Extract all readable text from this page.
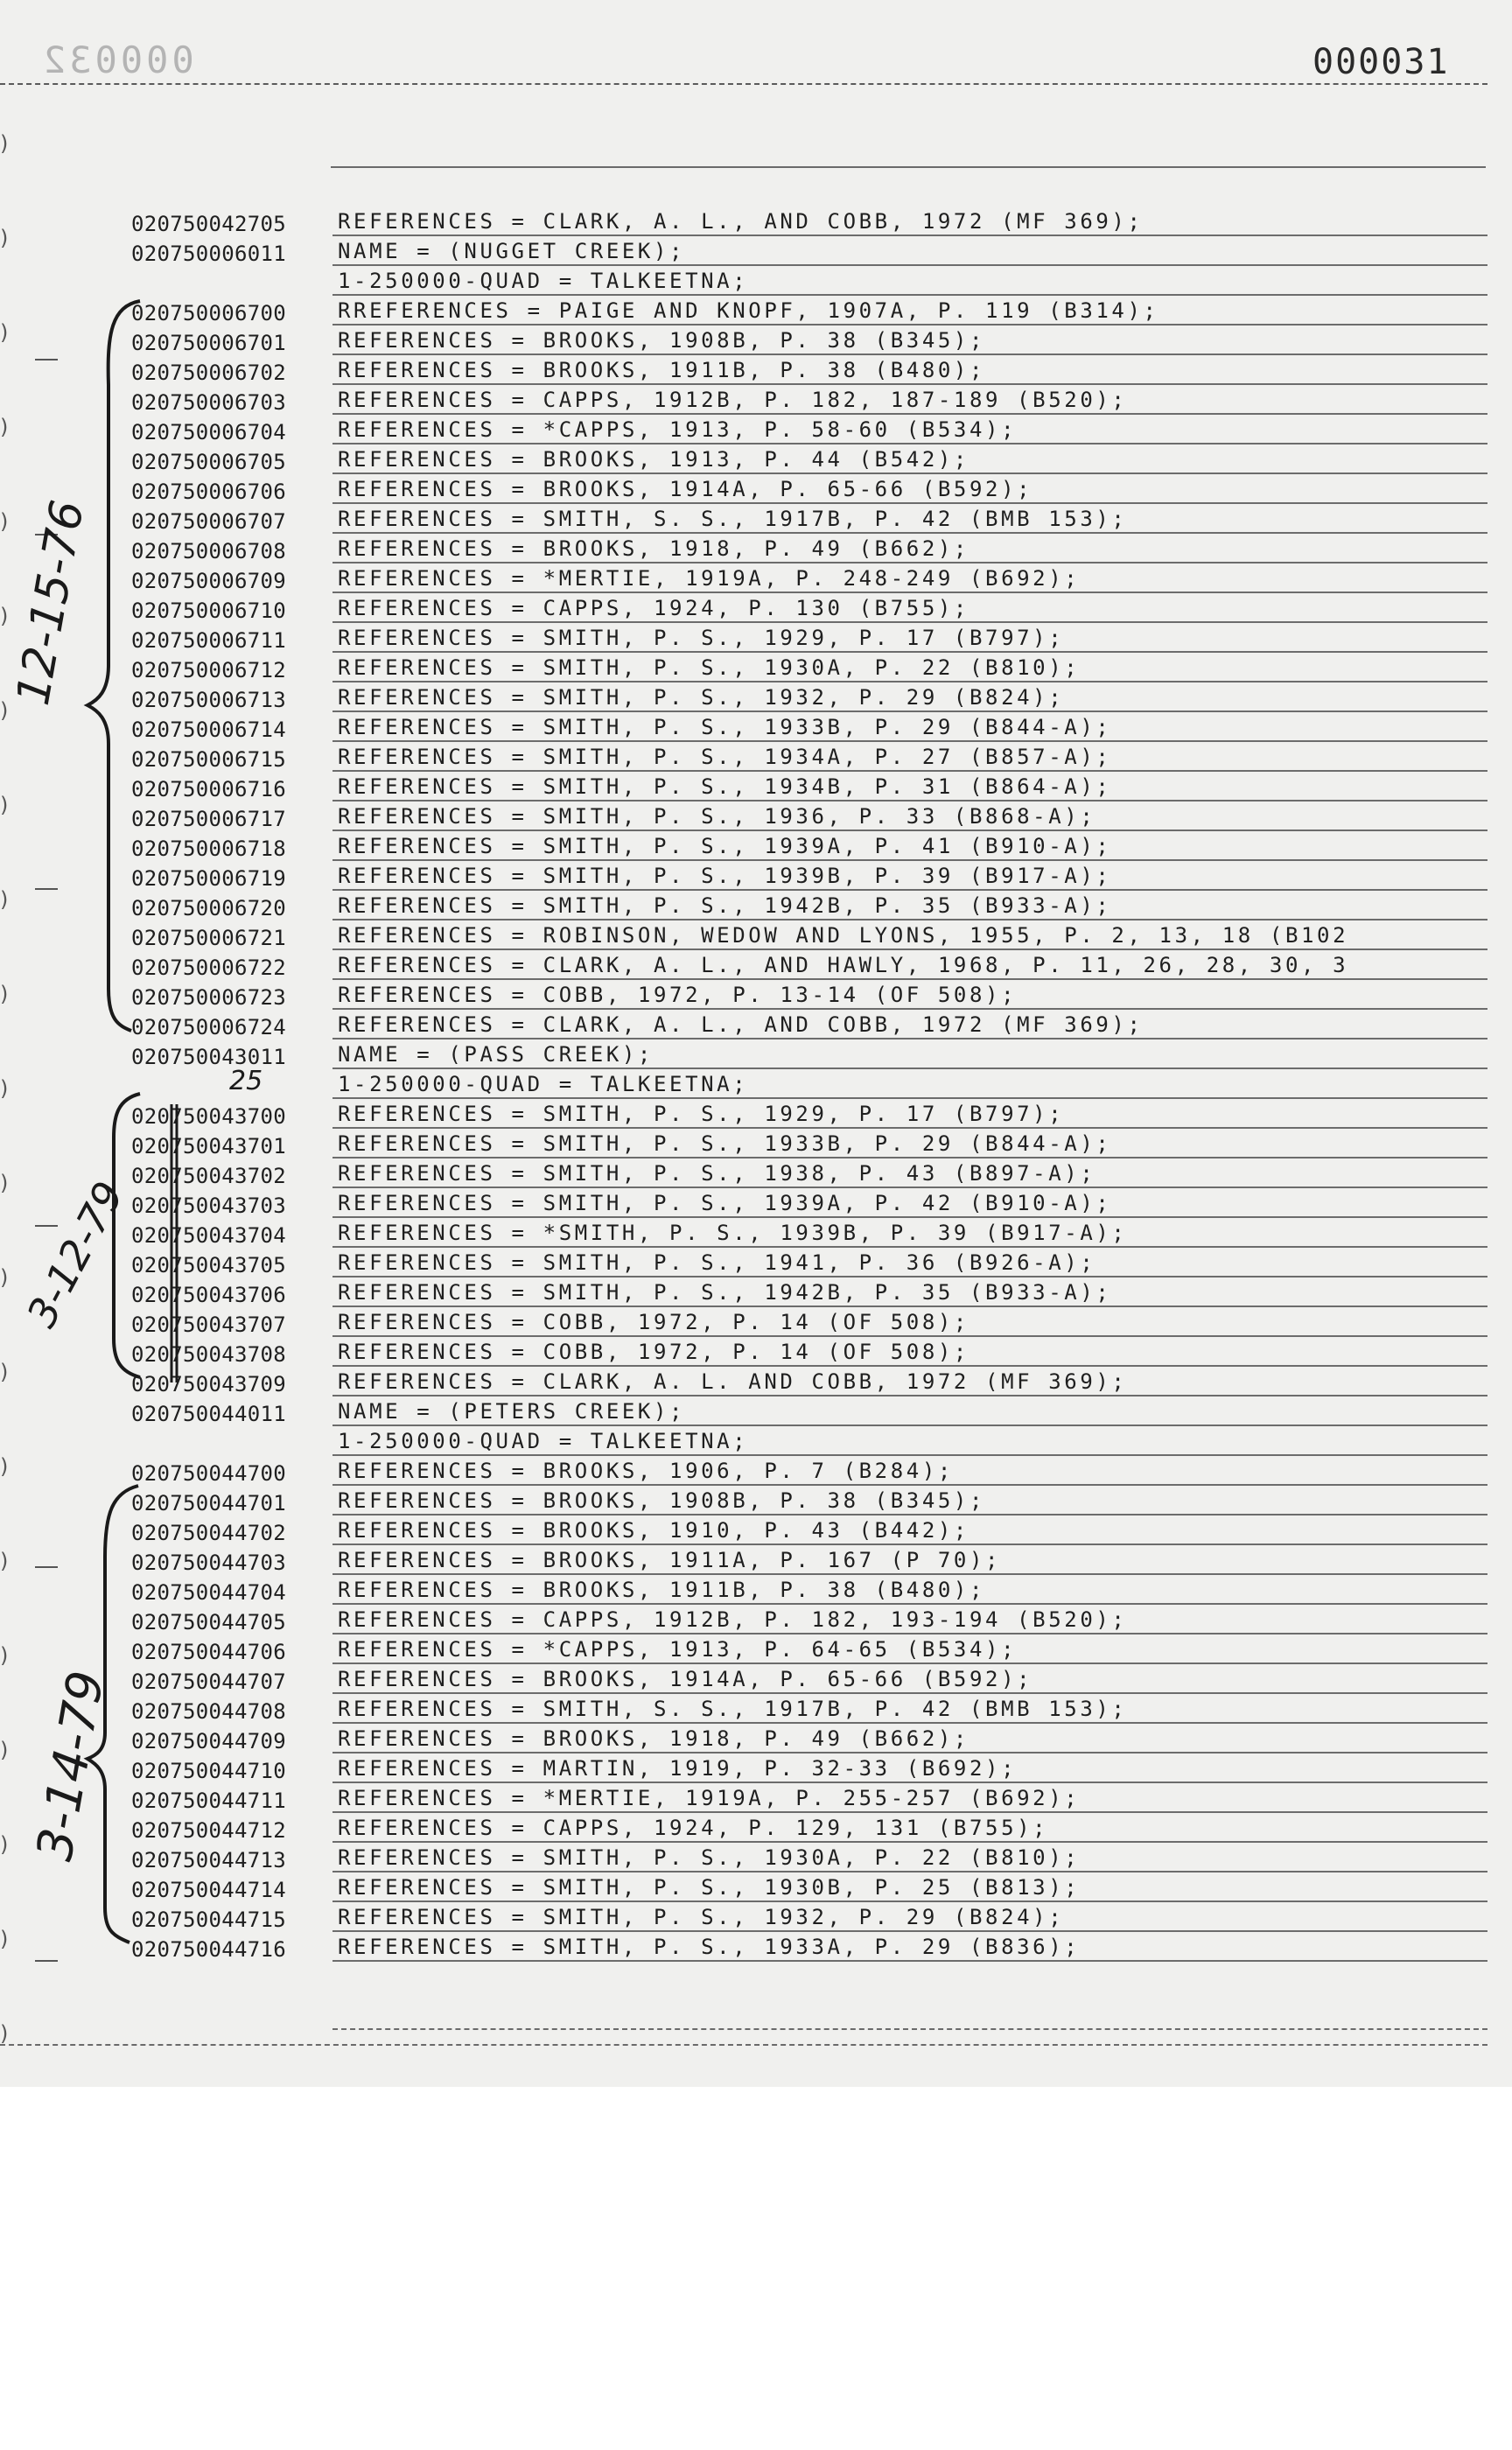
000032	000031
)
)
)
)
)
)
)
)
)
)
)
)
)
)
)
)
)
)
)
)
)
020750042705	REFERENCES = CLARK, A. L., AND COBB, 1972 (MF 369);
020750006011	NAME = (NUGGET CREEK);
1-250000-QUAD = TALKEETNA;
020750006700	RREFERENCES = PAIGE AND KNOPF, 1907A, P. 119 (B314);
020750006701	REFERENCES = BROOKS, 1908B, P. 38 (B345);
020750006702	REFERENCES = BROOKS, 1911B, P. 38 (B480);
020750006703	REFERENCES = CAPPS, 1912B, P. 182, 187-189 (B520);
020750006704	REFERENCES = *CAPPS, 1913, P. 58-60 (B534);
020750006705	REFERENCES = BROOKS, 1913, P. 44 (B542);
020750006706	REFERENCES = BROOKS, 1914A, P. 65-66 (B592);
020750006707	REFERENCES = SMITH, S. S., 1917B, P. 42 (BMB 153);
020750006708	REFERENCES = BROOKS, 1918, P. 49 (B662);
020750006709	REFERENCES = *MERTIE, 1919A, P. 248-249 (B692);
020750006710	REFERENCES = CAPPS, 1924, P. 130 (B755);
020750006711	REFERENCES = SMITH, P. S., 1929, P. 17 (B797);
020750006712	REFERENCES = SMITH, P. S., 1930A, P. 22 (B810);
020750006713	REFERENCES = SMITH, P. S., 1932, P. 29 (B824);
020750006714	REFERENCES = SMITH, P. S., 1933B, P. 29 (B844-A);
020750006715	REFERENCES = SMITH, P. S., 1934A, P. 27 (B857-A);
020750006716	REFERENCES = SMITH, P. S., 1934B, P. 31 (B864-A);
020750006717	REFERENCES = SMITH, P. S., 1936, P. 33 (B868-A);
020750006718	REFERENCES = SMITH, P. S., 1939A, P. 41 (B910-A);
020750006719	REFERENCES = SMITH, P. S., 1939B, P. 39 (B917-A);
020750006720	REFERENCES = SMITH, P. S., 1942B, P. 35 (B933-A);
020750006721	REFERENCES = ROBINSON, WEDOW AND LYONS, 1955, P. 2, 13, 18 (B102
020750006722	REFERENCES = CLARK, A. L., AND HAWLY, 1968, P. 11, 26, 28, 30, 3
020750006723	REFERENCES = COBB, 1972, P. 13-14 (OF 508);
020750006724	REFERENCES = CLARK, A. L., AND COBB, 1972 (MF 369);
020750043011	NAME = (PASS CREEK);
1-250000-QUAD = TALKEETNA;
020750043700	REFERENCES = SMITH, P. S., 1929, P. 17 (B797);
020750043701	REFERENCES = SMITH, P. S., 1933B, P. 29 (B844-A);
020750043702	REFERENCES = SMITH, P. S., 1938, P. 43 (B897-A);
020750043703	REFERENCES = SMITH, P. S., 1939A, P. 42 (B910-A);
020750043704	REFERENCES = *SMITH, P. S., 1939B, P. 39 (B917-A);
020750043705	REFERENCES = SMITH, P. S., 1941, P. 36 (B926-A);
020750043706	REFERENCES = SMITH, P. S., 1942B, P. 35 (B933-A);
020750043707	REFERENCES = COBB, 1972, P. 14 (OF 508);
020750043708	REFERENCES = COBB, 1972, P. 14 (OF 508);
020750043709	REFERENCES = CLARK, A. L. AND COBB, 1972 (MF 369);
020750044011	NAME = (PETERS CREEK);
1-250000-QUAD = TALKEETNA;
020750044700	REFERENCES = BROOKS, 1906, P. 7 (B284);
020750044701	REFERENCES = BROOKS, 1908B, P. 38 (B345);
020750044702	REFERENCES = BROOKS, 1910, P. 43 (B442);
020750044703	REFERENCES = BROOKS, 1911A, P. 167 (P 70);
020750044704	REFERENCES = BROOKS, 1911B, P. 38 (B480);
020750044705	REFERENCES = CAPPS, 1912B, P. 182, 193-194 (B520);
020750044706	REFERENCES = *CAPPS, 1913, P. 64-65 (B534);
020750044707	REFERENCES = BROOKS, 1914A, P. 65-66 (B592);
020750044708	REFERENCES = SMITH, S. S., 1917B, P. 42 (BMB 153);
020750044709	REFERENCES = BROOKS, 1918, P. 49 (B662);
020750044710	REFERENCES = MARTIN, 1919, P. 32-33 (B692);
020750044711	REFERENCES = *MERTIE, 1919A, P. 255-257 (B692);
020750044712	REFERENCES = CAPPS, 1924, P. 129, 131 (B755);
020750044713	REFERENCES = SMITH, P. S., 1930A, P. 22 (B810);
020750044714	REFERENCES = SMITH, P. S., 1930B, P. 25 (B813);
020750044715	REFERENCES = SMITH, P. S., 1932, P. 29 (B824);
020750044716	REFERENCES = SMITH, P. S., 1933A, P. 29 (B836);
12-15-76
25
3-12-79
3-14-79
